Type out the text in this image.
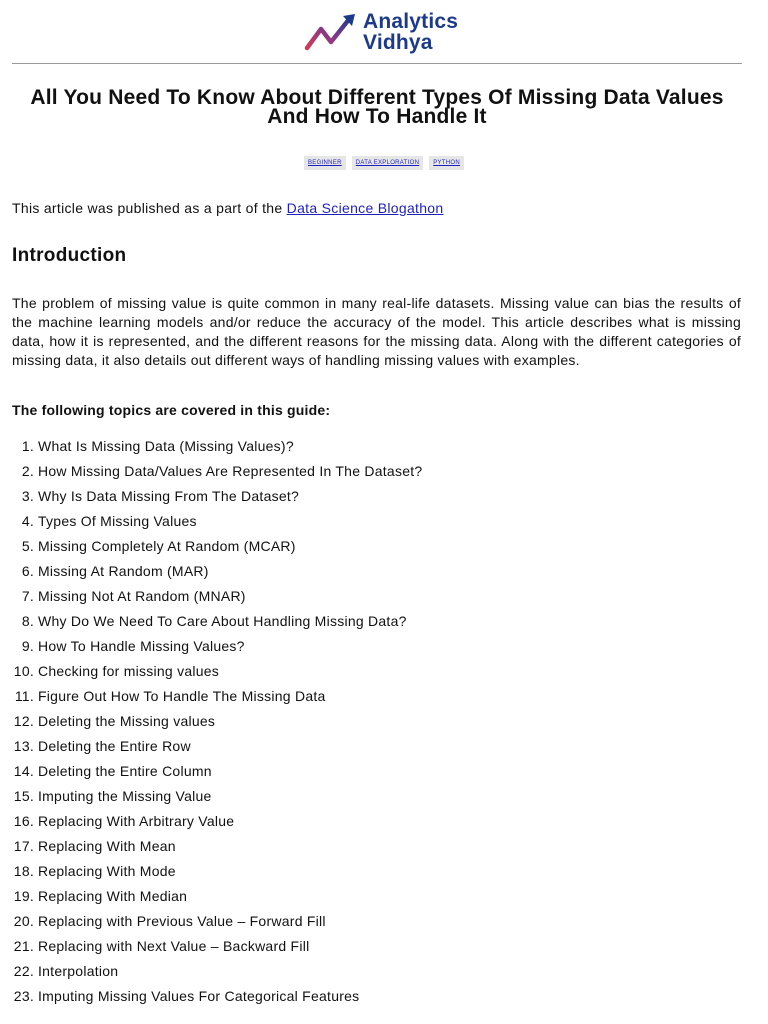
Analytics
Vidhya
All You Need To Know About Different Types Of Missing Data Values And How To Handle It
BEGINNER DATA EXPLORATION PYTHON

This article was published as a part of the Data Science Blogathon

Introduction

The problem of missing value is quite common in many real-life datasets. Missing value can bias the results of the machine learning models and/or reduce the accuracy of the model. This article describes what is missing data, how it is represented, and the different reasons for the missing data. Along with the different categories of missing data, it also details out different ways of handling missing values with examples.

The following topics are covered in this guide:

1. What Is Missing Data (Missing Values)?
2. How Missing Data/Values Are Represented In The Dataset?
3. Why Is Data Missing From The Dataset?
4. Types Of Missing Values
5. Missing Completely At Random (MCAR)
6. Missing At Random (MAR)
7. Missing Not At Random (MNAR)
8. Why Do We Need To Care About Handling Missing Data?
9. How To Handle Missing Values?
10. Checking for missing values
11. Figure Out How To Handle The Missing Data
12. Deleting the Missing values
13. Deleting the Entire Row
14. Deleting the Entire Column
15. Imputing the Missing Value
16. Replacing With Arbitrary Value
17. Replacing With Mean
18. Replacing With Mode
19. Replacing With Median
20. Replacing with Previous Value – Forward Fill
21. Replacing with Next Value – Backward Fill
22. Interpolation
23. Imputing Missing Values For Categorical Features
